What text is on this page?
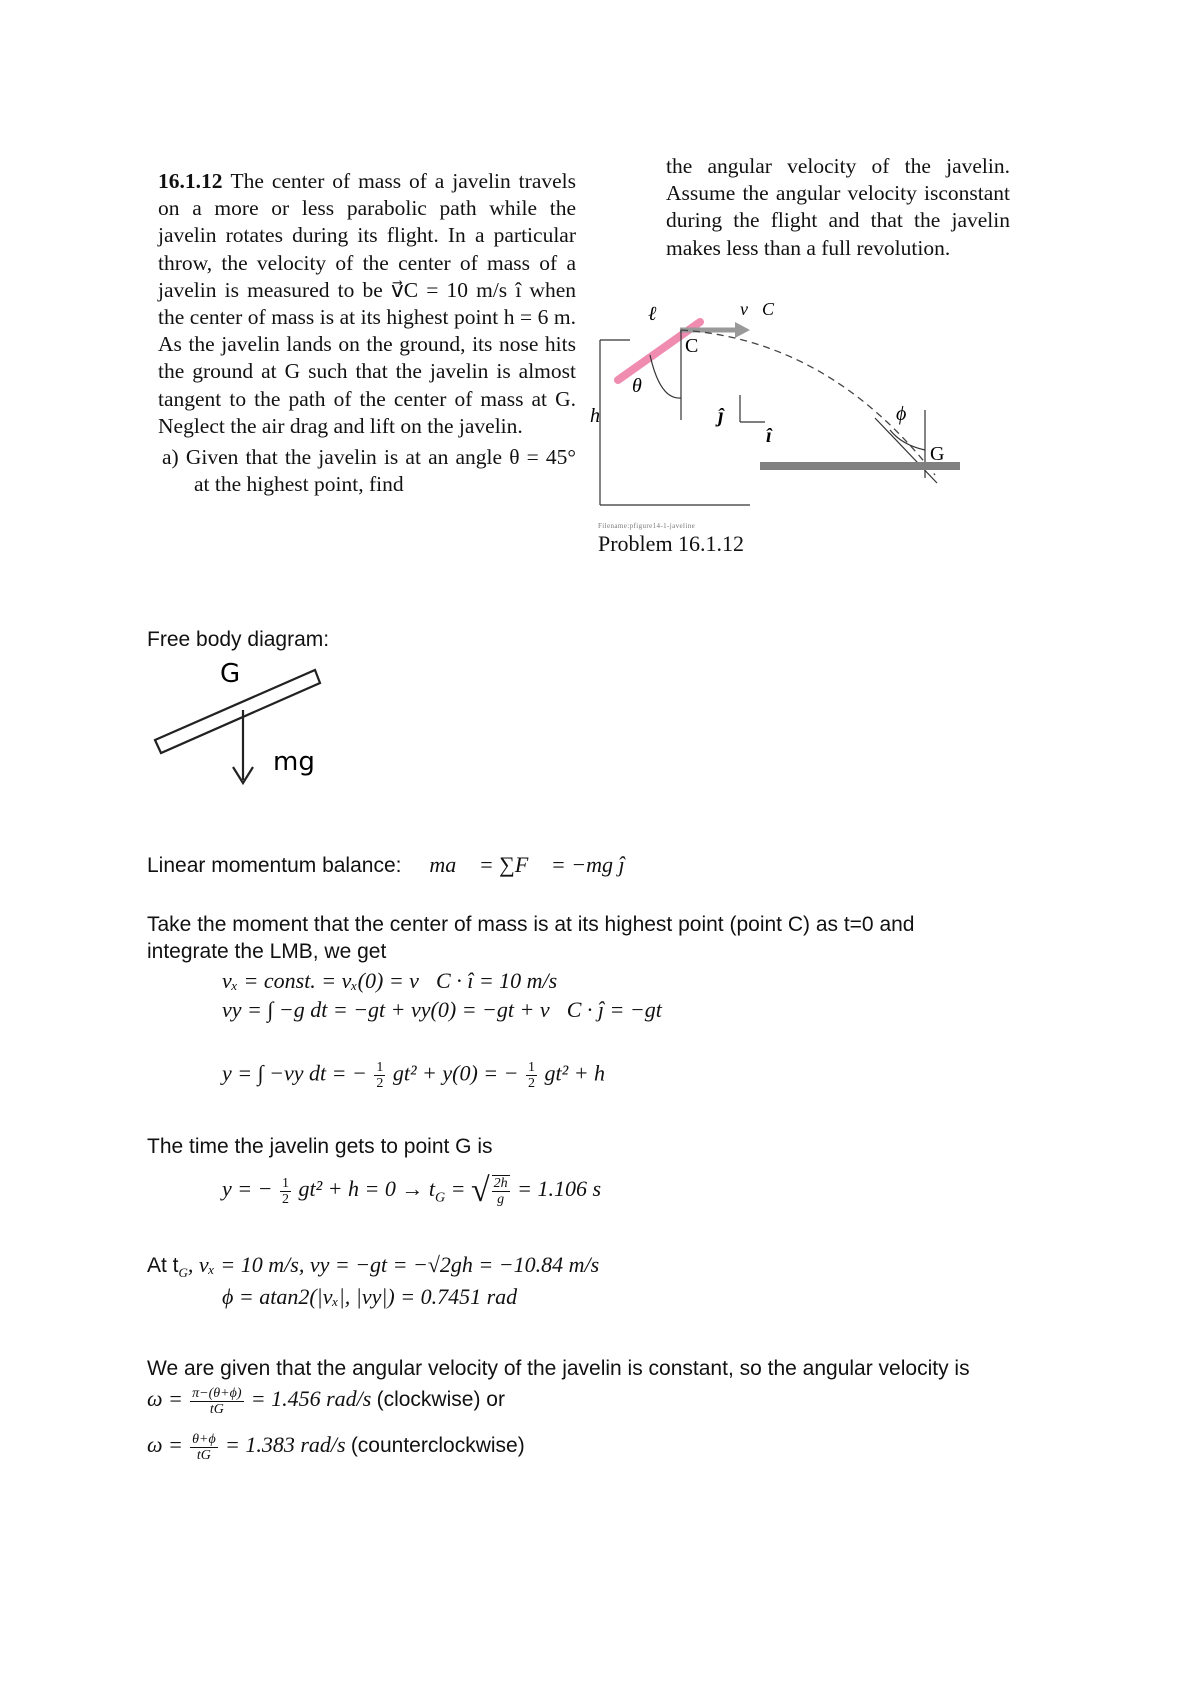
16.1.12 The center of mass of a javelin travels on a more or less parabolic path while the javelin rotates during its flight. In a particular throw, the velocity of the center of mass of a javelin is measured to be v⃗C = 10 m/s î when the center of mass is at its highest point h = 6 m. As the javelin lands on the ground, its nose hits the ground at G such that the javelin is almost tangent to the path of the center of mass at G. Neglect the air drag and lift on the javelin.

a) Given that the javelin is at an angle θ = 45° at the highest point, find

the angular velocity of the javelin. Assume the angular velocity isconstant during the flight and that the javelin makes less than a full revolution.
ℓ	v⃗C
C
θ
h	ĵ
î
ϕ
G
Filename:pfigure14-1-javeline
Problem 16.1.12
Free body diagram:
G
mg
Linear momentum balance: ma⃗ = ∑F⃗ = −mg ĵ
Take the moment that the center of mass is at its highest point (point C) as t=0 and
integrate the LMB, we get
vₓ = const. = vₓ(0) = v⃗C · î = 10 m/s
vy = ∫ −g dt = −gt + vy(0) = −gt + v⃗C · ĵ = −gt
y = ∫ −vy dt = − $\frac{1}{2} gt^2 + y(0)$ = − $\frac{1}{2} gt^2 + h$
The time the javelin gets to point G is
y = − $\frac{1}{2} gt^2 + h = 0 \to t_G$ = √ $\frac{2h}{g} = 1.106$ s
At $t_G$, vₓ = 10 m/s, vy = −gt = −√2gh = −10.84 m/s
ϕ = atan2(|vₓ|, |vy|) = 0.7451 rad
We are given that the angular velocity of the javelin is constant, so the angular velocity is
$\omega = \frac{\pi-(\theta+\phi)}{tG} = 1.456$ rad/s (clockwise) or
$\omega = \frac{\theta+\phi}{tG} = 1.383$ rad/s (counterclockwise)
